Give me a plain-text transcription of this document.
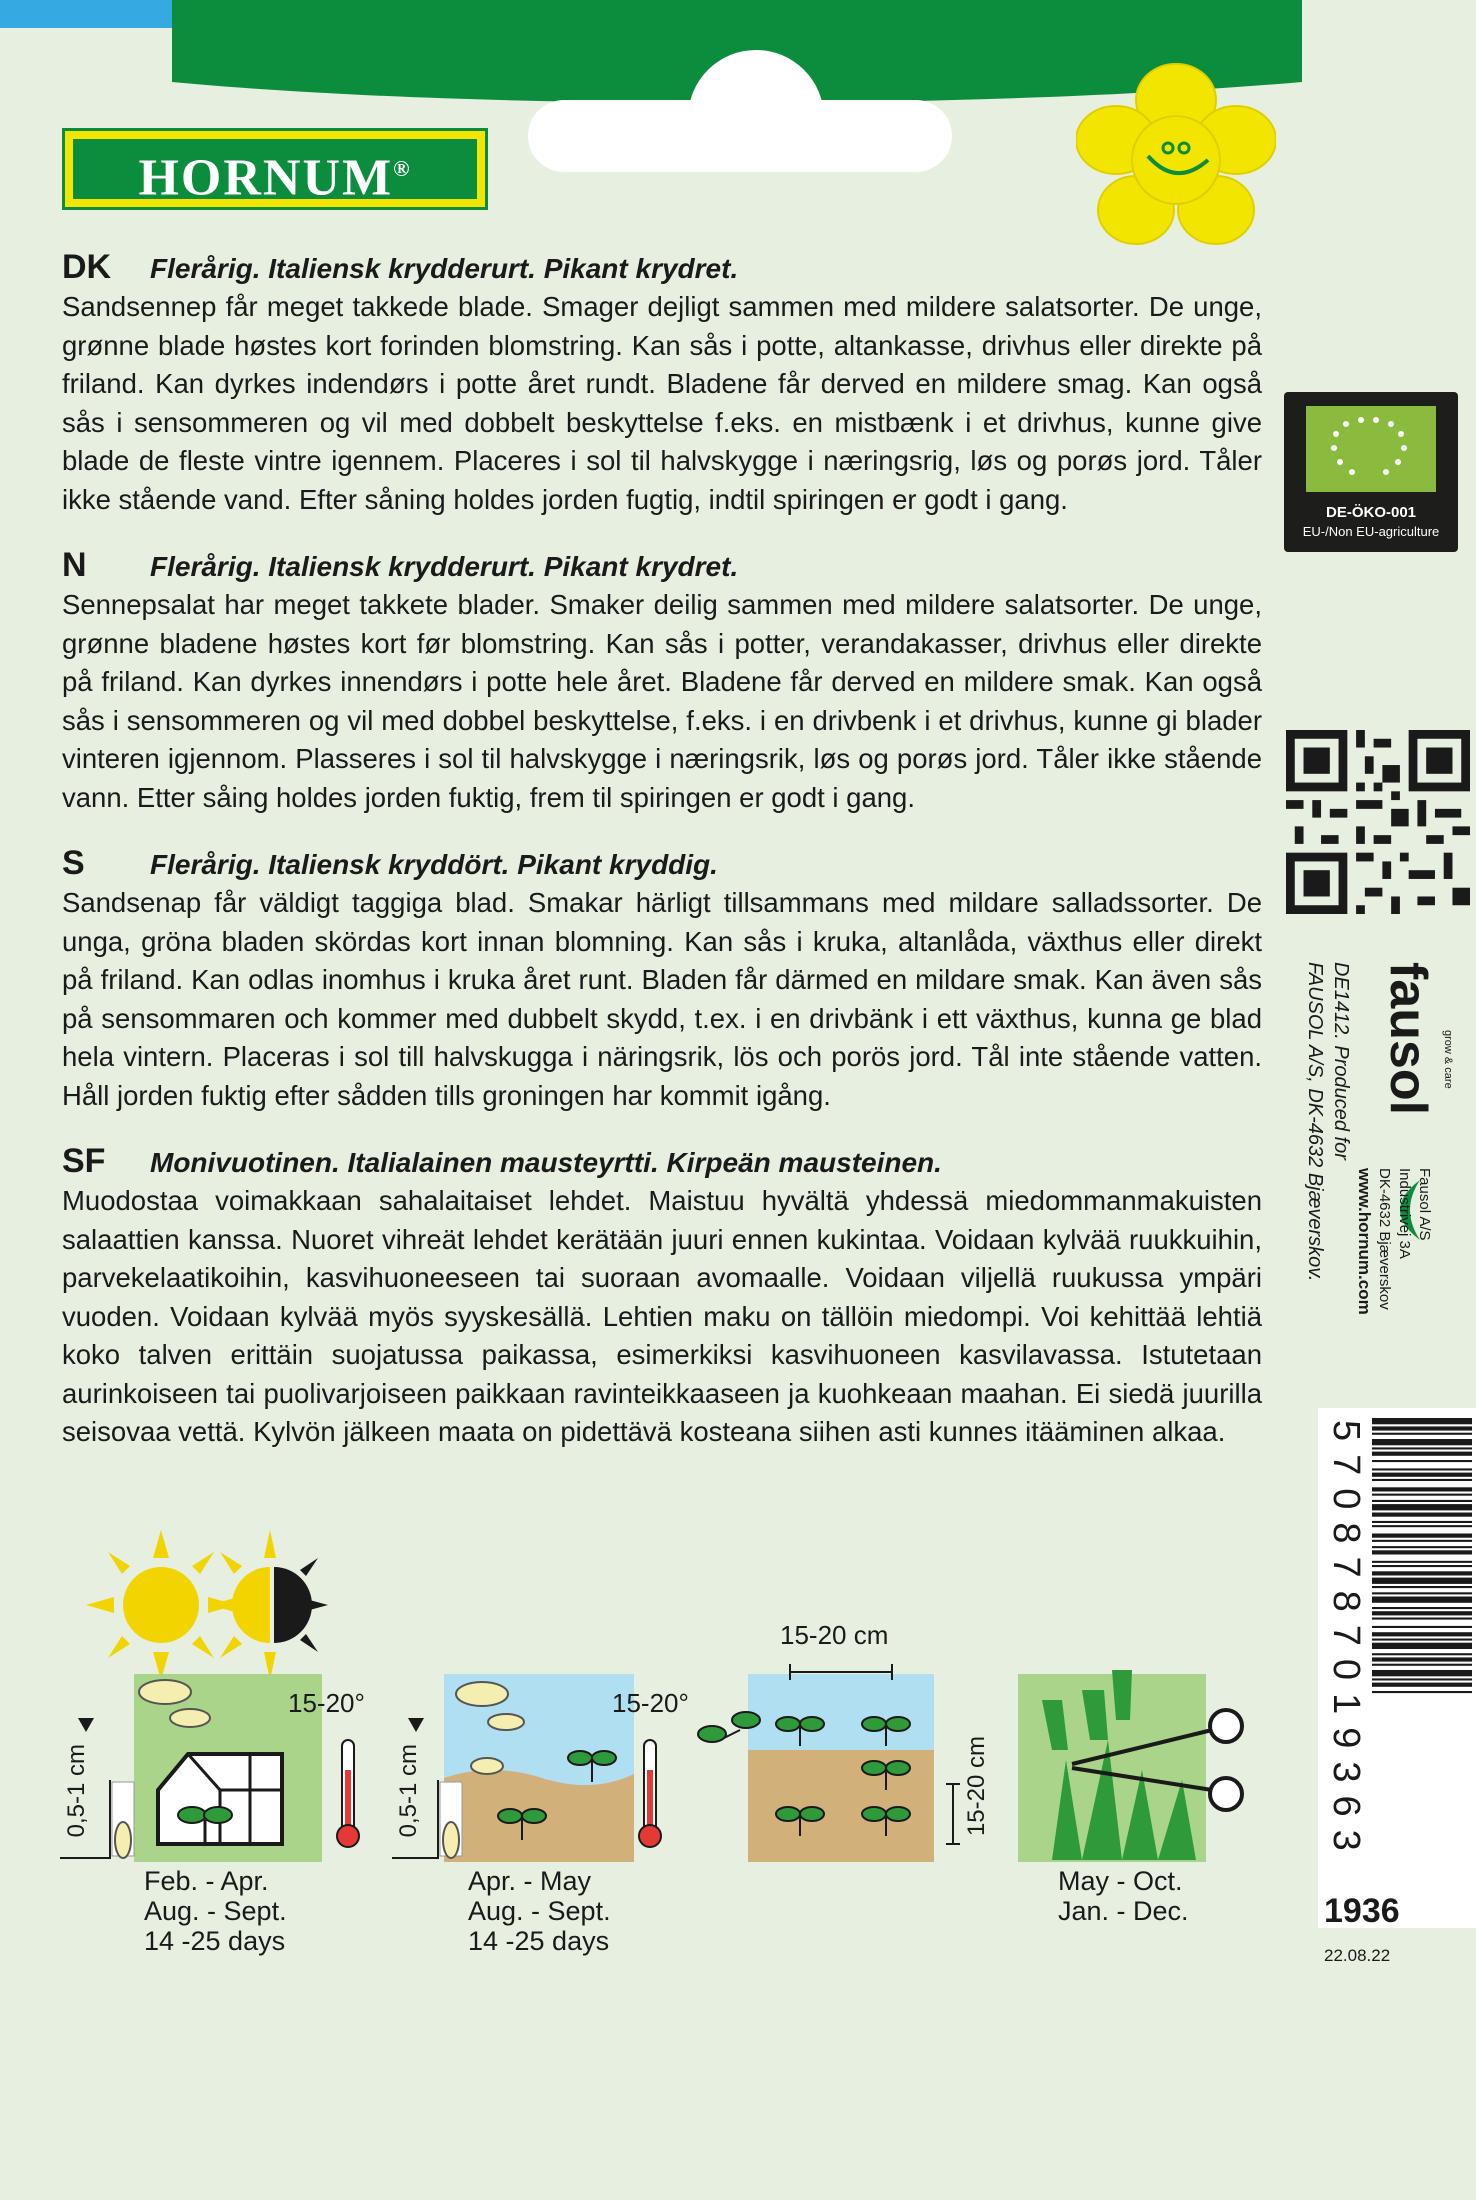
HORNUM®
DK	Flerårig. Italiensk krydderurt. Pikant krydret.

Sandsennep får meget takkede blade. Smager dejligt sammen med mildere salatsorter. De unge, grønne blade høstes kort forinden blomstring. Kan sås i potte, altankasse, drivhus eller direkte på friland. Kan dyrkes indendørs i potte året rundt. Bladene får derved en mildere smag. Kan også sås i sensommeren og vil med dobbelt beskyttelse f.eks. en mistbænk i et drivhus, kunne give blade de fleste vintre igennem. Placeres i sol til halvskygge i næringsrig, løs og porøs jord. Tåler ikke stående vand. Efter såning holdes jorden fugtig, indtil spiringen er godt i gang.

N	Flerårig. Italiensk krydderurt. Pikant krydret.

Sennepsalat har meget takkete blader. Smaker deilig sammen med mildere salatsorter. De unge, grønne bladene høstes kort før blomstring. Kan sås i potter, verandakasser, drivhus eller direkte på friland. Kan dyrkes innendørs i potte hele året. Bladene får derved en mildere smak. Kan også sås i sensommeren og vil med dobbel beskyttelse, f.eks. i en drivbenk i et drivhus, kunne gi blader vinteren igjennom. Plasseres i sol til halvskygge i næringsrik, løs og porøs jord. Tåler ikke stående vann. Etter såing holdes jorden fuktig, frem til spiringen er godt i gang.

S	Flerårig. Italiensk kryddört. Pikant kryddig.

Sandsenap får väldigt taggiga blad. Smakar härligt tillsammans med mildare salladssorter. De unga, gröna bladen skördas kort innan blomning. Kan sås i kruka, altanlåda, växthus eller direkt på friland. Kan odlas inomhus i kruka året runt. Bladen får därmed en mildare smak. Kan även sås på sensommaren och kommer med dubbelt skydd, t.ex. i en drivbänk i ett växthus, kunna ge blad hela vintern. Placeras i sol till halvskugga i näringsrik, lös och porös jord. Tål inte stående vatten. Håll jorden fuktig efter sådden tills groningen har kommit igång.

SF	Monivuotinen. Italialainen mausteyrtti. Kirpeän mausteinen.

Muodostaa voimakkaan sahalaitaiset lehdet. Maistuu hyvältä yhdessä miedommanmakuisten salaattien kanssa. Nuoret vihreät lehdet kerätään juuri ennen kukintaa. Voidaan kylvää ruukkuihin, parvekelaatikoihin, kasvihuoneeseen tai suoraan avomaalle. Voidaan viljellä ruukussa ympäri vuoden. Voidaan kylvää myös syyskesällä. Lehtien maku on tällöin miedompi. Voi kehittää lehtiä koko talven erittäin suojatussa paikassa, esimerkiksi kasvihuoneen kasvilavassa. Istutetaan aurinkoiseen tai puolivarjoiseen paikkaan ravinteikkaaseen ja kuohkeaan maahan. Ei siedä juurilla seisovaa vettä. Kylvön jälkeen maata on pidettävä kosteana siihen asti kunnes itääminen alkaa.

DE-ÖKO-001
EU-/Non EU-agriculture
DE1412. Produced for
FAUSOL A/S, DK-4632 Bjæverskov. fausol grow & care
Fausol A/S
Industrivej 3A
DK-4632 Bjæverskov
www.hornum.com
5708787019363
1936
22.08.22
0,5-1 cm
15-20°
Feb. - Apr.
Aug. - Sept.
14 -25 days
0,5-1 cm
15-20°
Apr. - May
Aug. - Sept.
14 -25 days
15-20 cm
15-20 cm
May - Oct.
Jan. - Dec.
